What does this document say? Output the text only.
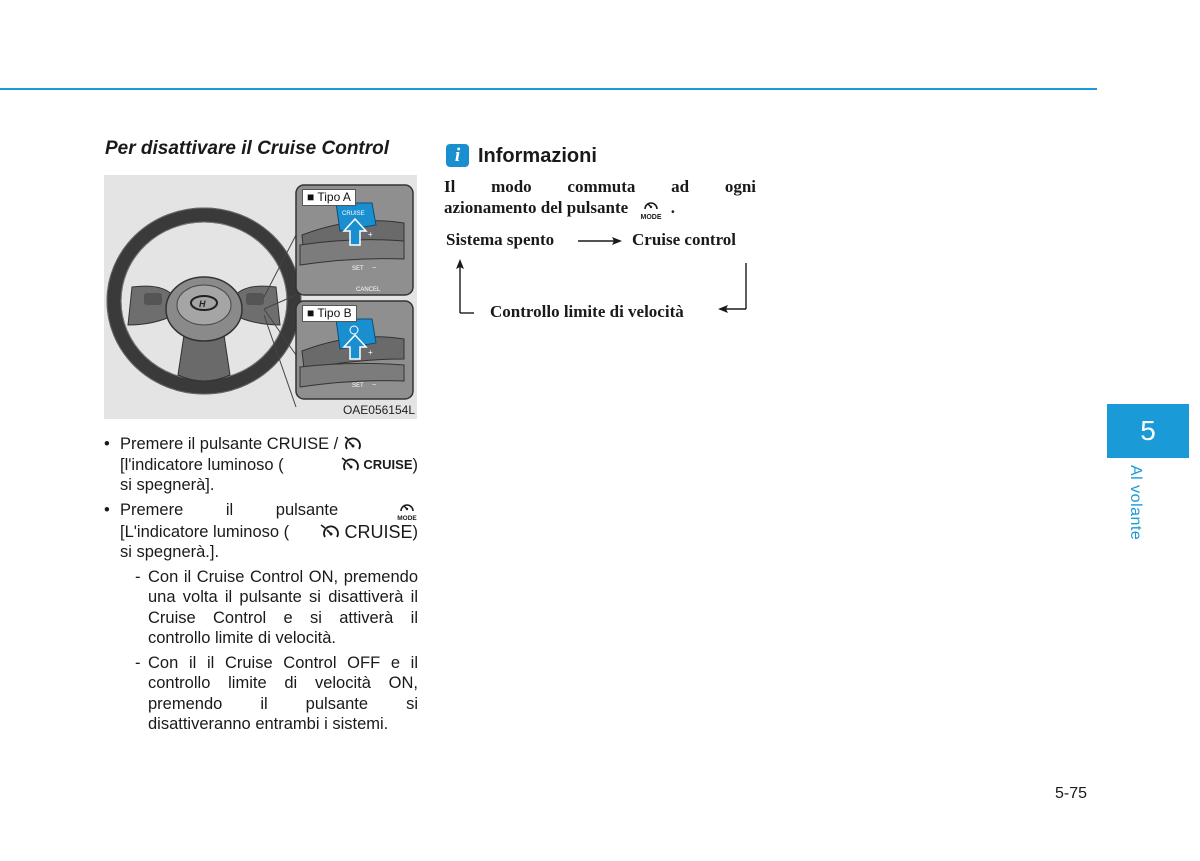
Per disattivare il Cruise Control
H
CRUISE
+
SET −
CANCEL
+
SET −
■ Tipo A
■ Tipo B
OAE056154L
• Premere il pulsante CRUISE /
[l'indicatore luminoso (	CRUISE )
si spegnerà].
• Premere il pulsante	MODE
[L'indicatore luminoso (	CRUISE )
si spegnerà.].
- Con il Cruise Control ON, premendo una volta il pulsante si disattiverà il Cruise Control e si attiverà il controllo limite di velocità.
- Con il il Cruise Control OFF e il controllo limite di velocità ON, premendo il pulsante si disattiveranno entrambi i sistemi.
i Informazioni
Il modo commuta ad ogni
azionamento del pulsante
MODE
.
Sistema spento	Cruise control
Controllo limite di velocità
5
Al volante
5-75
